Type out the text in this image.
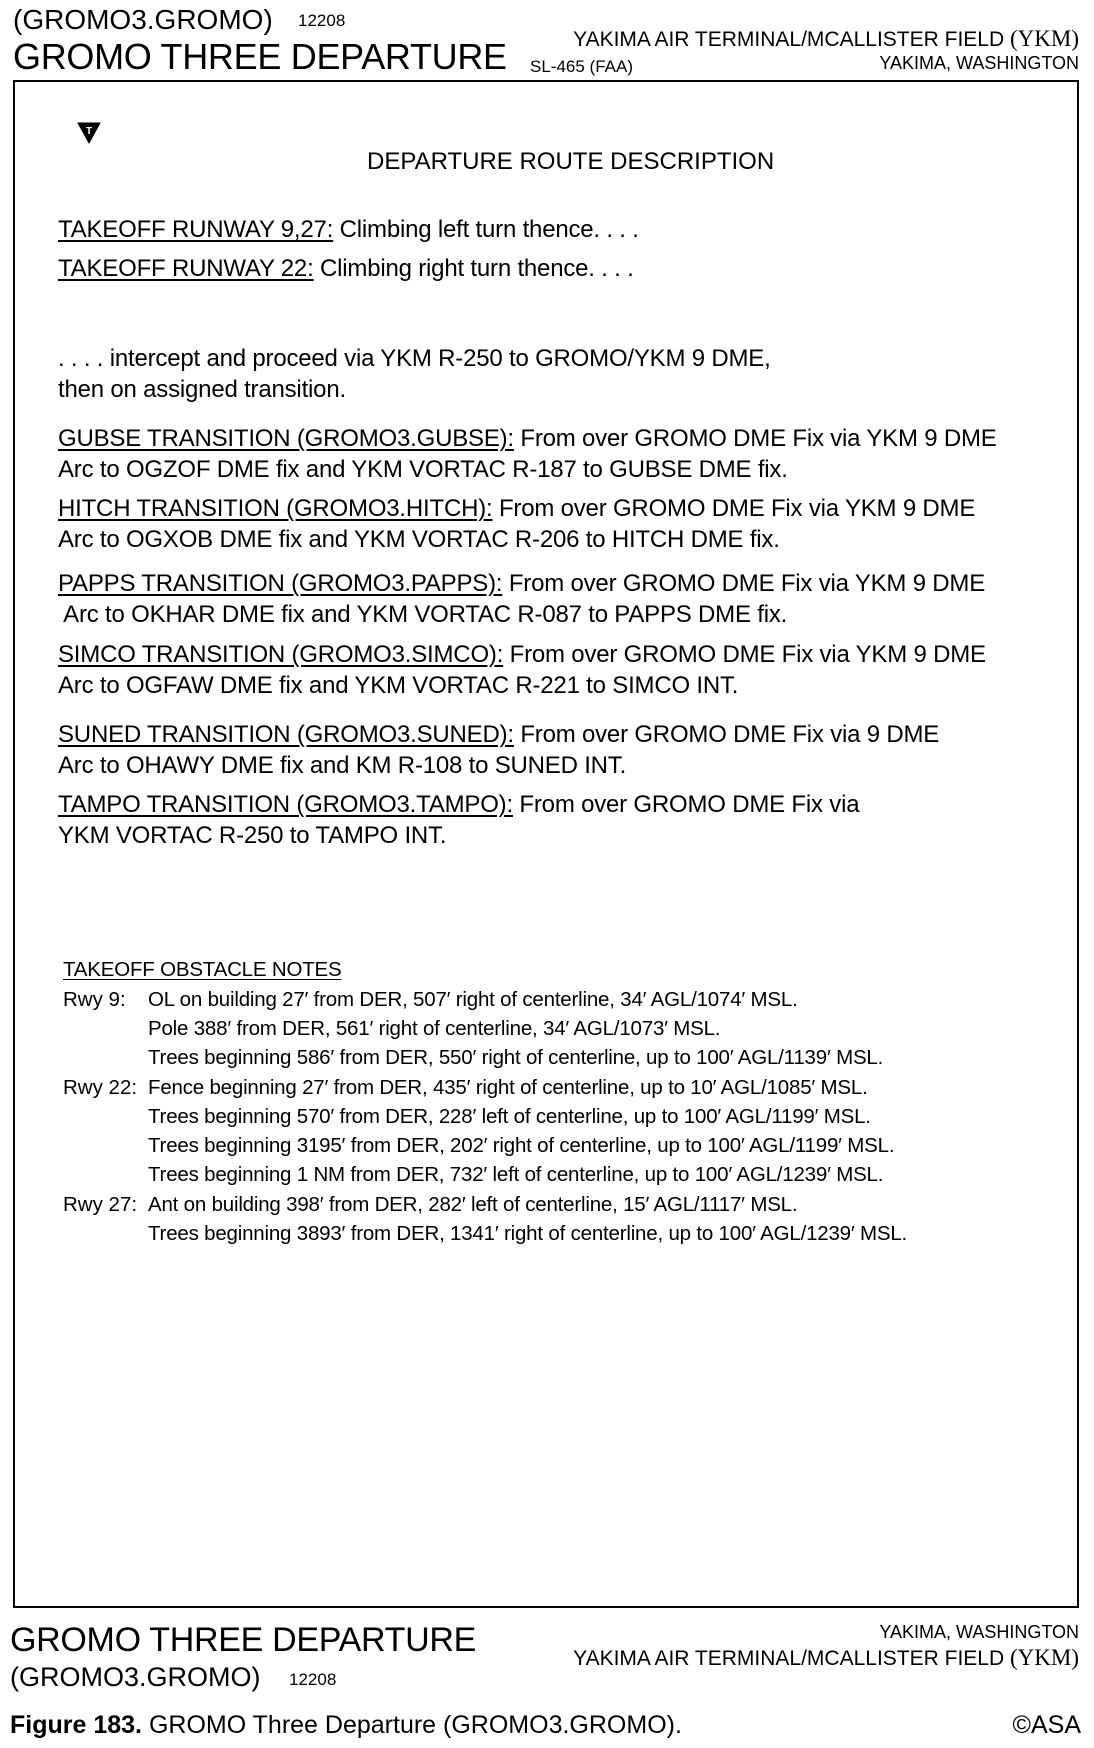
(GROMO3.GROMO) 12208
GROMO THREE DEPARTURE	YAKIMA AIR TERMINAL/MCALLISTER FIELD (YKM)
SL-465 (FAA)	YAKIMA, WASHINGTON
T
DEPARTURE ROUTE DESCRIPTION
TAKEOFF RUNWAY 9,27: Climbing left turn thence. . . .
TAKEOFF RUNWAY 22: Climbing right turn thence. . . .
. . . . intercept and proceed via YKM R-250 to GROMO/YKM 9 DME,
then on assigned transition.
GUBSE TRANSITION (GROMO3.GUBSE): From over GROMO DME Fix via YKM 9 DME
Arc to OGZOF DME fix and YKM VORTAC R-187 to GUBSE DME fix.
HITCH TRANSITION (GROMO3.HITCH): From over GROMO DME Fix via YKM 9 DME
Arc to OGXOB DME fix and YKM VORTAC R-206 to HITCH DME fix.
PAPPS TRANSITION (GROMO3.PAPPS): From over GROMO DME Fix via YKM 9 DME
Arc to OKHAR DME fix and YKM VORTAC R-087 to PAPPS DME fix.
SIMCO TRANSITION (GROMO3.SIMCO): From over GROMO DME Fix via YKM 9 DME
Arc to OGFAW DME fix and YKM VORTAC R-221 to SIMCO INT.
SUNED TRANSITION (GROMO3.SUNED): From over GROMO DME Fix via 9 DME
Arc to OHAWY DME fix and KM R-108 to SUNED INT.
TAMPO TRANSITION (GROMO3.TAMPO): From over GROMO DME Fix via
YKM VORTAC R-250 to TAMPO INT.
TAKEOFF OBSTACLE NOTES
Rwy 9: OL on building 27′ from DER, 507′ right of centerline, 34′ AGL/1074′ MSL.
Pole 388′ from DER, 561′ right of centerline, 34′ AGL/1073′ MSL.
Trees beginning 586′ from DER, 550′ right of centerline, up to 100′ AGL/1139′ MSL.
Rwy 22: Fence beginning 27′ from DER, 435′ right of centerline, up to 10′ AGL/1085′ MSL.
Trees beginning 570′ from DER, 228′ left of centerline, up to 100′ AGL/1199′ MSL.
Trees beginning 3195′ from DER, 202′ right of centerline, up to 100′ AGL/1199′ MSL.
Trees beginning 1 NM from DER, 732′ left of centerline, up to 100′ AGL/1239′ MSL.
Rwy 27: Ant on building 398′ from DER, 282′ left of centerline, 15′ AGL/1117′ MSL.
Trees beginning 3893′ from DER, 1341′ right of centerline, up to 100′ AGL/1239′ MSL.
GROMO THREE DEPARTURE
(GROMO3.GROMO) 12208
YAKIMA, WASHINGTON
YAKIMA AIR TERMINAL/MCALLISTER FIELD (YKM)
Figure 183. GROMO Three Departure (GROMO3.GROMO).	©ASA
